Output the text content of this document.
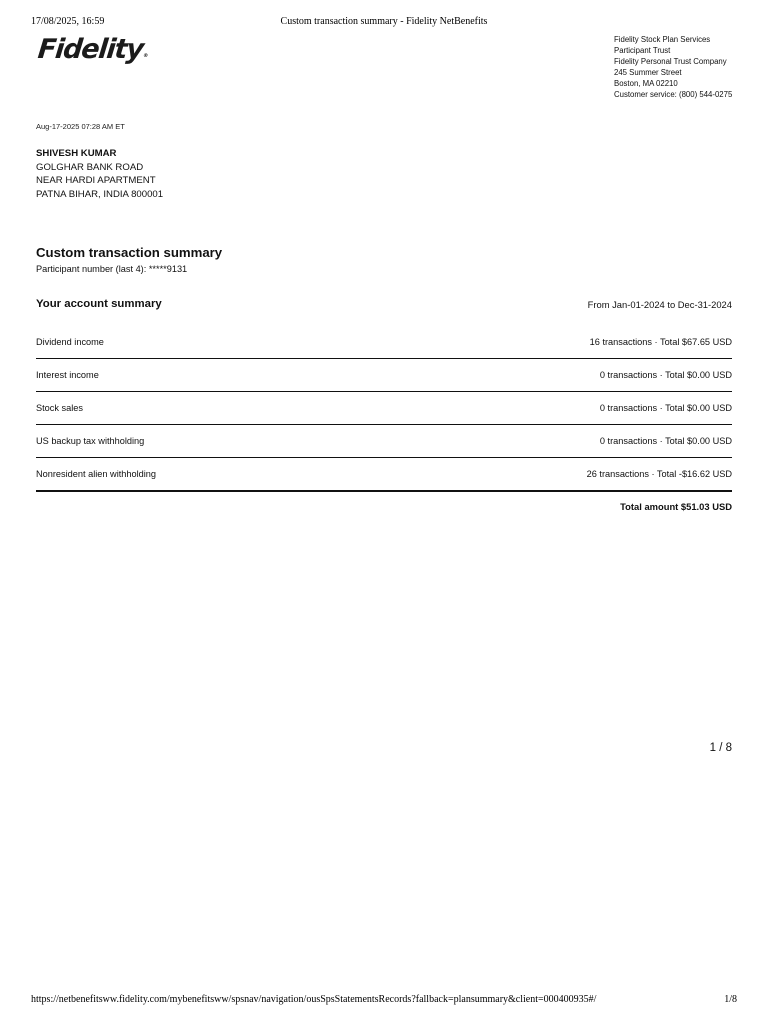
17/08/2025, 16:59	Custom transaction summary - Fidelity NetBenefits
Fidelity®
Fidelity Stock Plan Services
Participant Trust
Fidelity Personal Trust Company
245 Summer Street
Boston, MA 02210
Customer service: (800) 544-0275
Aug-17-2025 07:28 AM ET
SHIVESH KUMAR
GOLGHAR BANK ROAD
NEAR HARDI APARTMENT
PATNA BIHAR, INDIA 800001
Custom transaction summary
Participant number (last 4): *****9131
Your account summary	From Jan-01-2024 to Dec-31-2024
Dividend income	16 transactions · Total $67.65 USD
Interest income	0 transactions · Total $0.00 USD
Stock sales	0 transactions · Total $0.00 USD
US backup tax withholding	0 transactions · Total $0.00 USD
Nonresident alien withholding	26 transactions · Total -$16.62 USD
Total amount $51.03 USD
1 / 8
https://netbenefitsww.fidelity.com/mybenefitsww/spsnav/navigation/ousSpsStatementsRecords?fallback=plansummary&client=000400935#/	1/8
